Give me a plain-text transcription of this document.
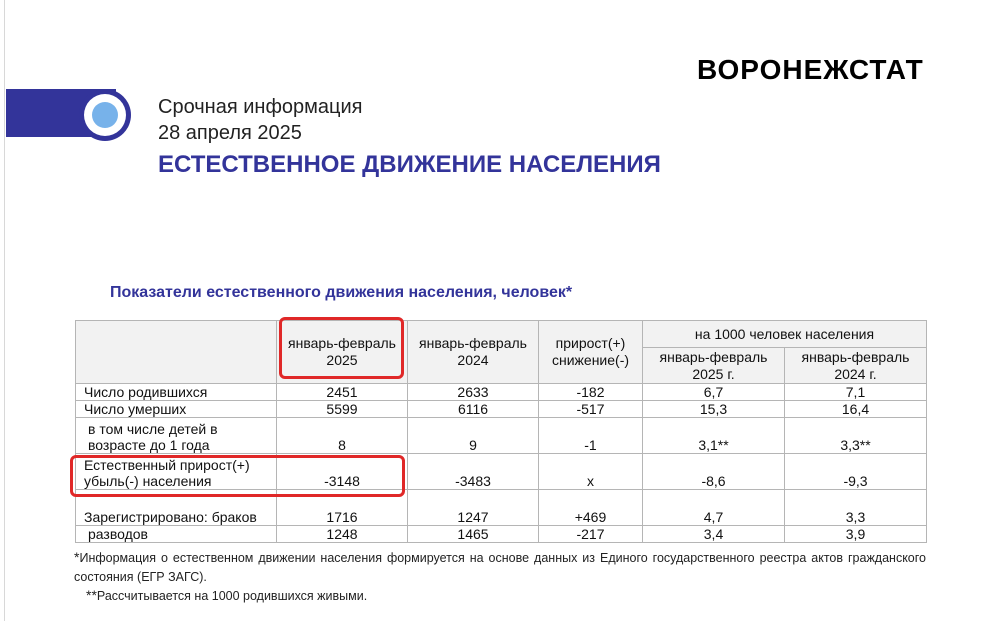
ВОРОНЕЖСТАТ
Срочная информация
28 апреля 2025
ЕСТЕСТВЕННОЕ ДВИЖЕНИЕ НАСЕЛЕНИЯ
Показатели естественного движения населения, человек*
	январь-февраль 2025	январь-февраль 2024	прирост(+) снижение(-)	на 1000 человек населения	
				январь-февраль 2025 г.	январь-февраль 2024 г.
Число родившихся	2451	2633	-182	6,7	7,1
Число умерших	5599	6116	-517	15,3	16,4
в том числе детей в возрасте до 1 года	8	9	-1	3,1**	3,3**
Естественный прирост(+) убыль(-) населения	-3148	-3483	x	-8,6	-9,3
Зарегистрировано: браков	1716	1247	+469	4,7	3,3
разводов	1248	1465	-217	3,4	3,9
*Информация о естественном движении населения формируется на основе данных из Единого государственного реестра актов гражданского состояния (ЕГР ЗАГС).
**Рассчитывается на 1000 родившихся живыми.
